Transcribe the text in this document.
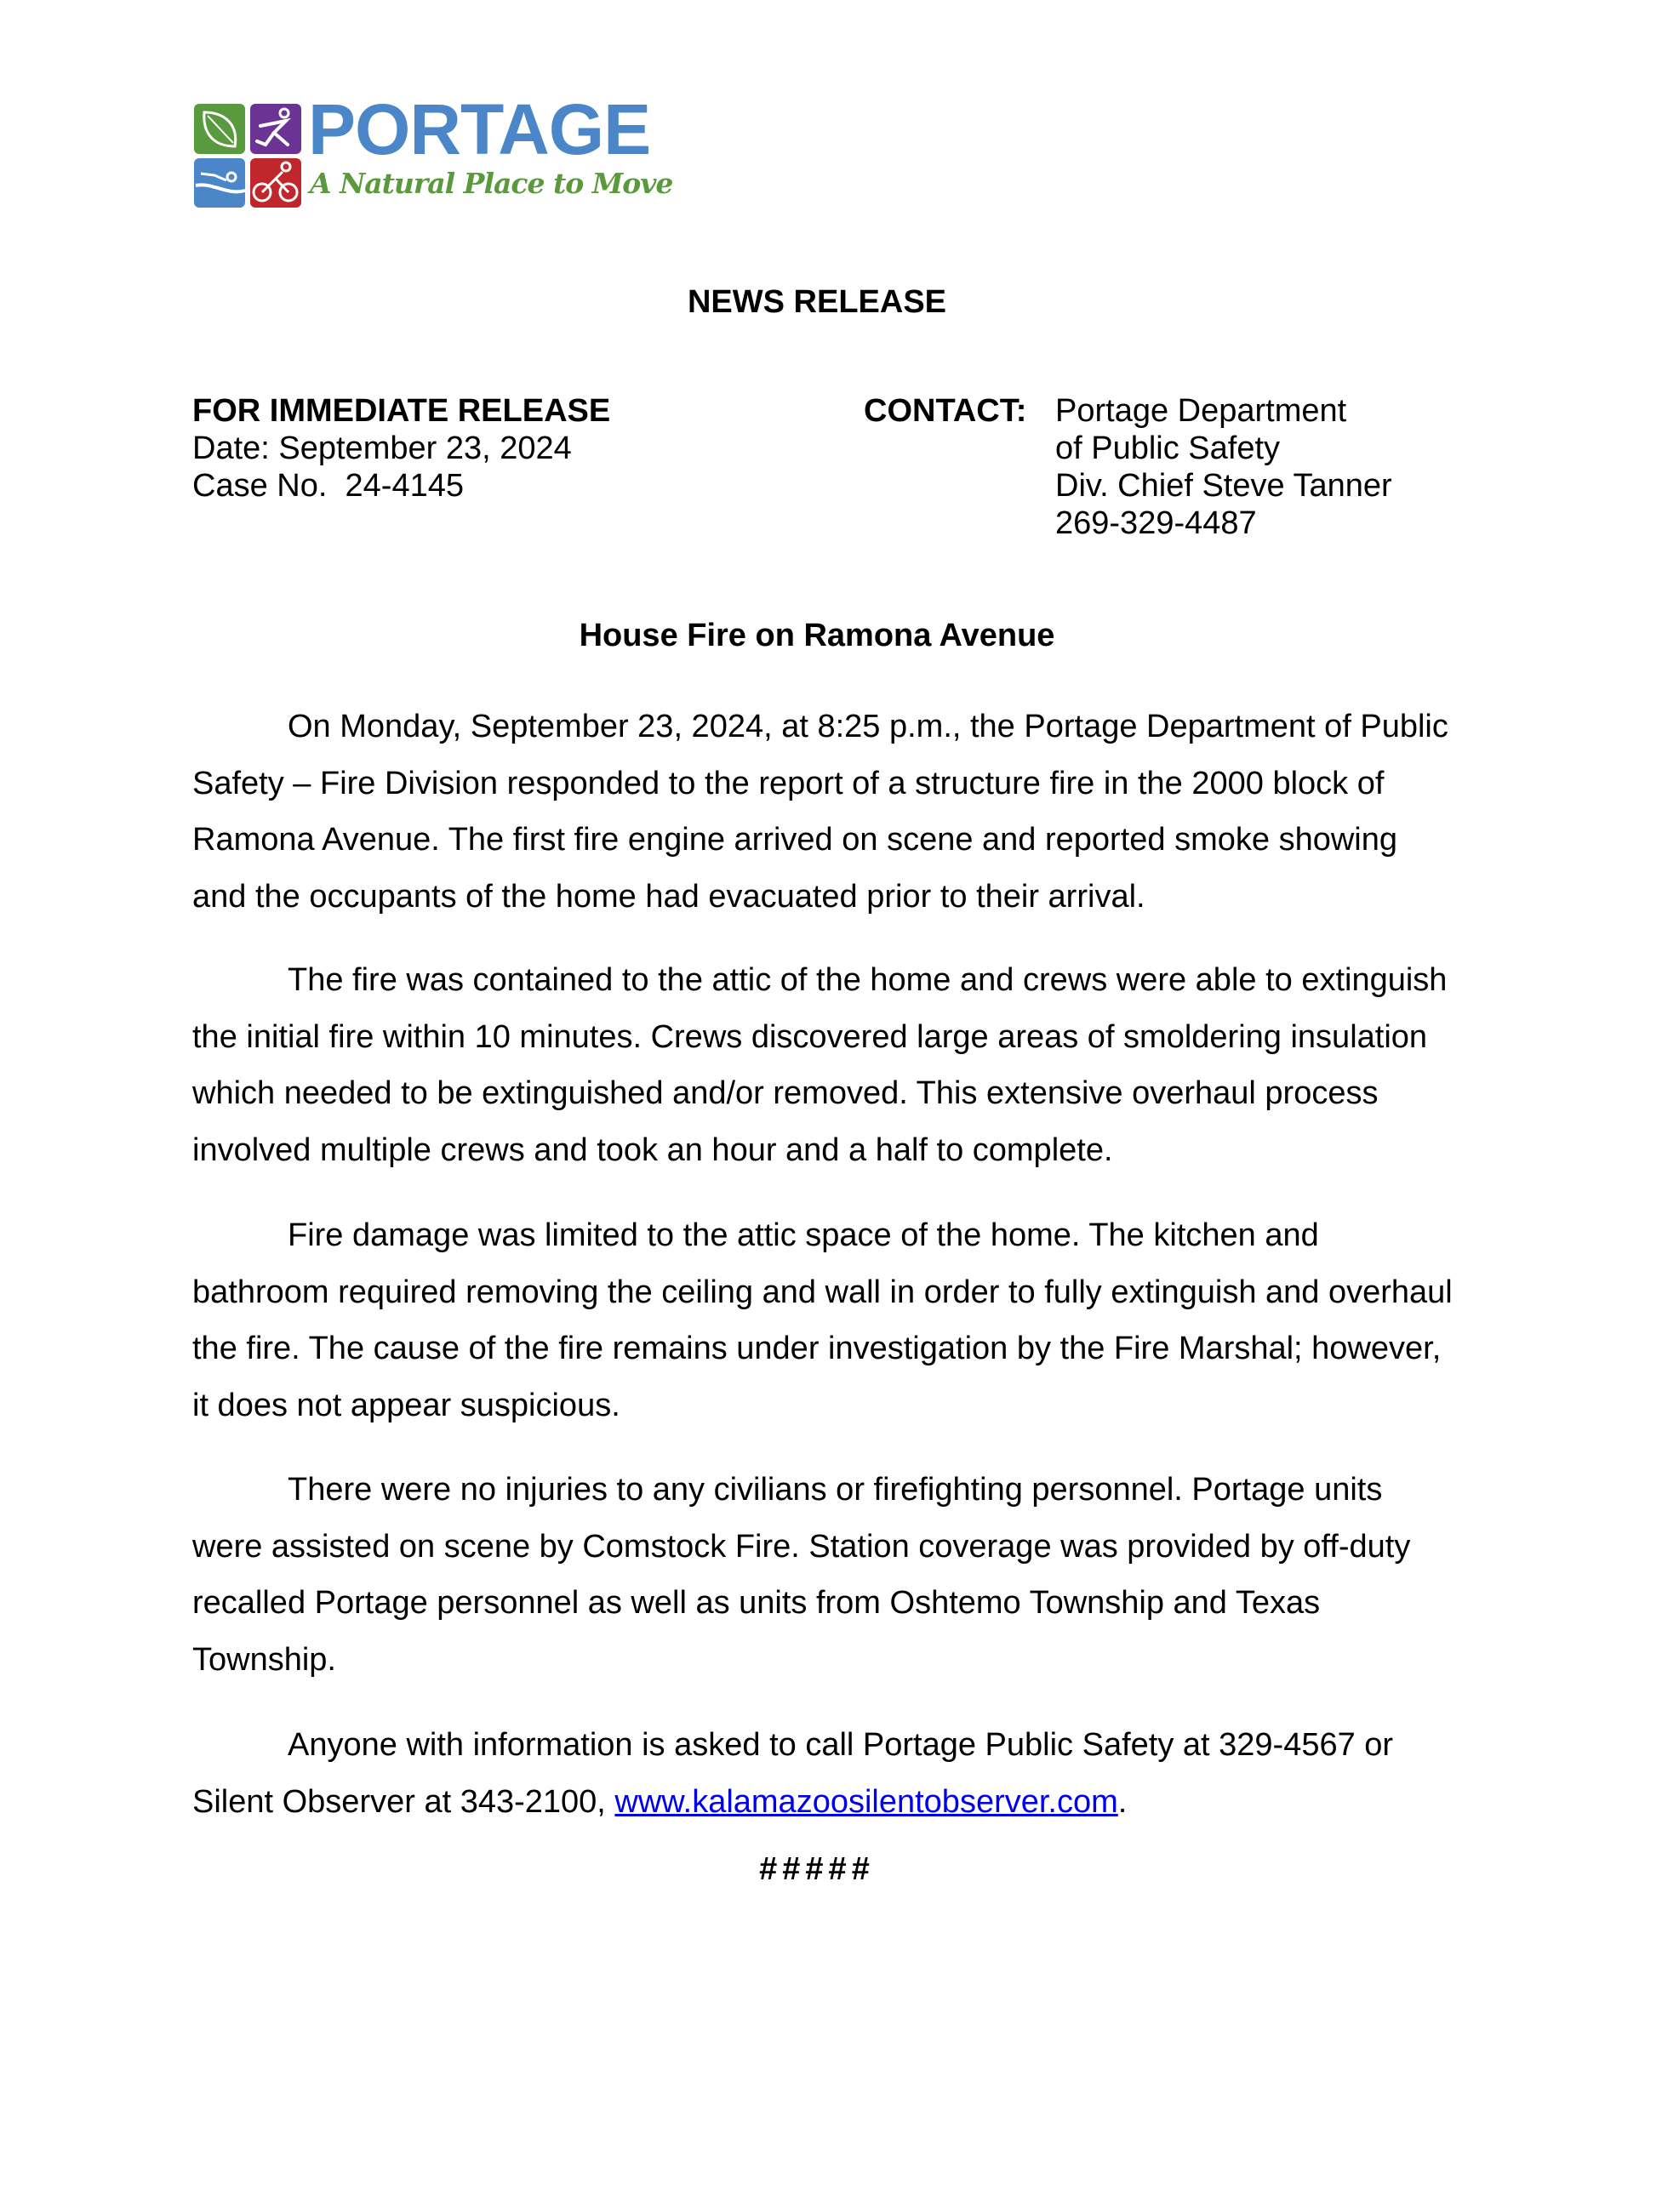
PORTAGE
A Natural Place to Move
NEWS RELEASE
FOR IMMEDIATE RELEASE
Date: September 23, 2024
Case No.  24-4145
CONTACT: Portage Department
of Public Safety
Div. Chief Steve Tanner
269-329-4487
House Fire on Ramona Avenue
On Monday, September 23, 2024, at 8:25 p.m., the Portage Department of Public
Safety – Fire Division responded to the report of a structure fire in the 2000 block of
Ramona Avenue. The first fire engine arrived on scene and reported smoke showing
and the occupants of the home had evacuated prior to their arrival.
The fire was contained to the attic of the home and crews were able to extinguish
the initial fire within 10 minutes. Crews discovered large areas of smoldering insulation
which needed to be extinguished and/or removed. This extensive overhaul process
involved multiple crews and took an hour and a half to complete.
Fire damage was limited to the attic space of the home. The kitchen and
bathroom required removing the ceiling and wall in order to fully extinguish and overhaul
the fire. The cause of the fire remains under investigation by the Fire Marshal; however,
it does not appear suspicious.
There were no injuries to any civilians or firefighting personnel. Portage units
were assisted on scene by Comstock Fire. Station coverage was provided by off-duty
recalled Portage personnel as well as units from Oshtemo Township and Texas
Township.
Anyone with information is asked to call Portage Public Safety at 329-4567 or
Silent Observer at 343-2100, www.kalamazoosilentobserver.com.
#####
